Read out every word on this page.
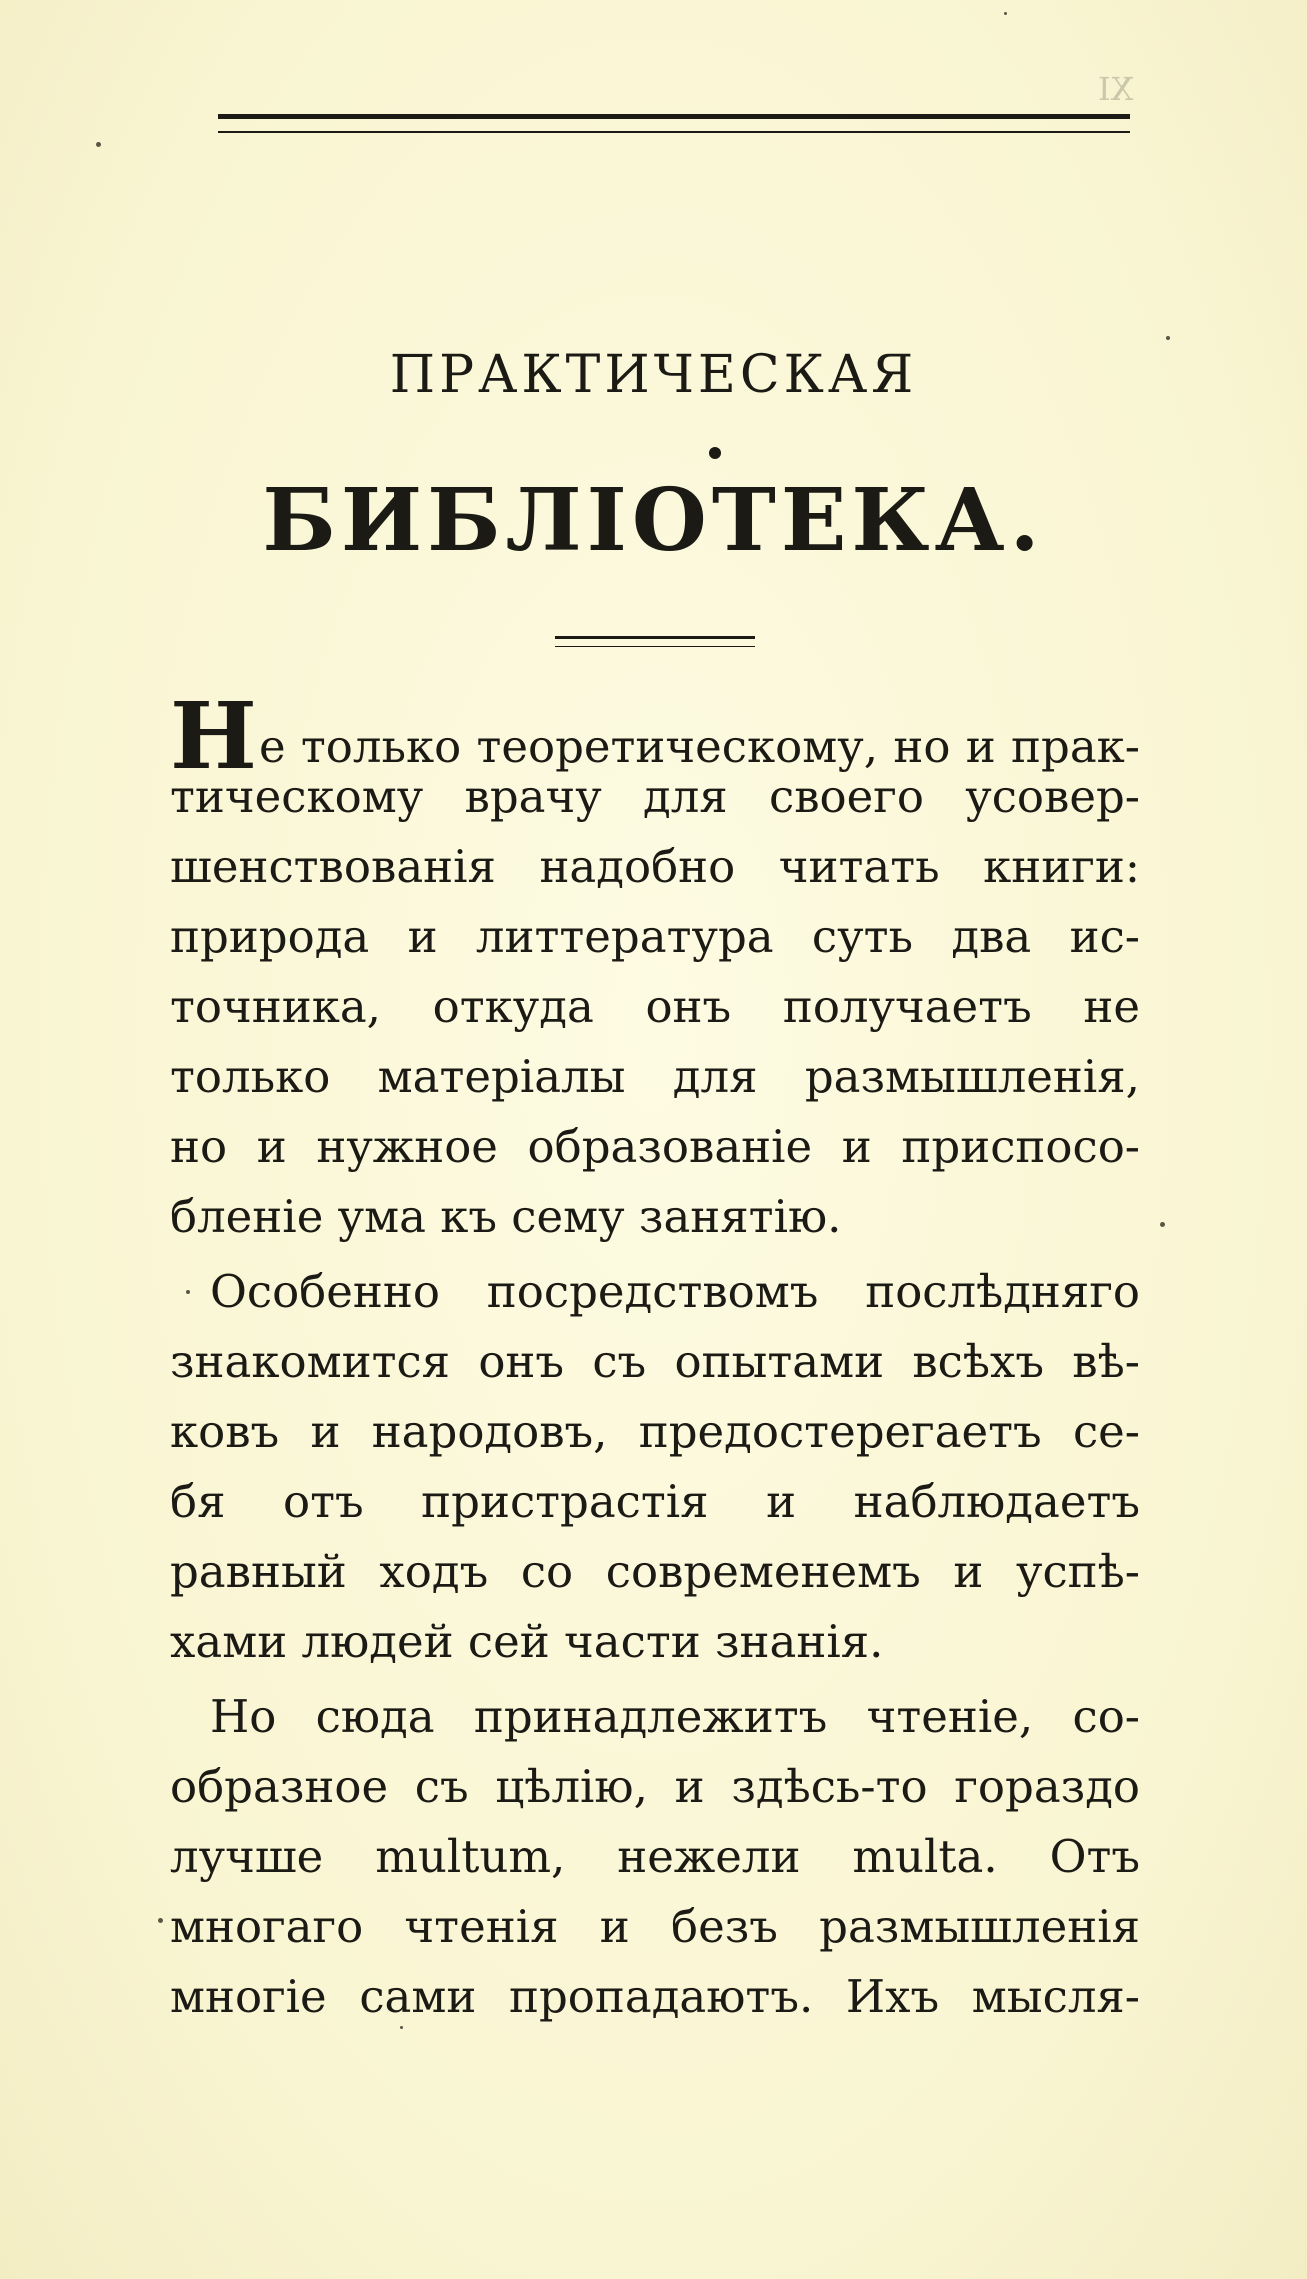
XI
ПРАКТИЧЕСКАЯ
БИБЛІОТЕКА.
Не только теоретическому, но и прак-
тическому врачу для своего усовер-
шенствованія надобно читать книги:
природа и литтература суть два ис-
точника, откуда онъ получаетъ не
только матеріалы для размышленія,
но и нужное образованіе и приспосо-
бленіе ума къ сему занятію.
Особенно посредствомъ послѣдняго
знакомится онъ съ опытами всѣхъ вѣ-
ковъ и народовъ, предостерегаетъ се-
бя отъ пристрастія и наблюдаетъ
равный ходъ со современемъ и успѣ-
хами людей сей части знанія.
Но сюда принадлежитъ чтеніе, со-
образное съ цѣлію, и здѣсь-то гораздо
лучше multum, нежели multa. Отъ
многаго чтенія и безъ размышленія
многіе сами пропадаютъ. Ихъ мысля-
